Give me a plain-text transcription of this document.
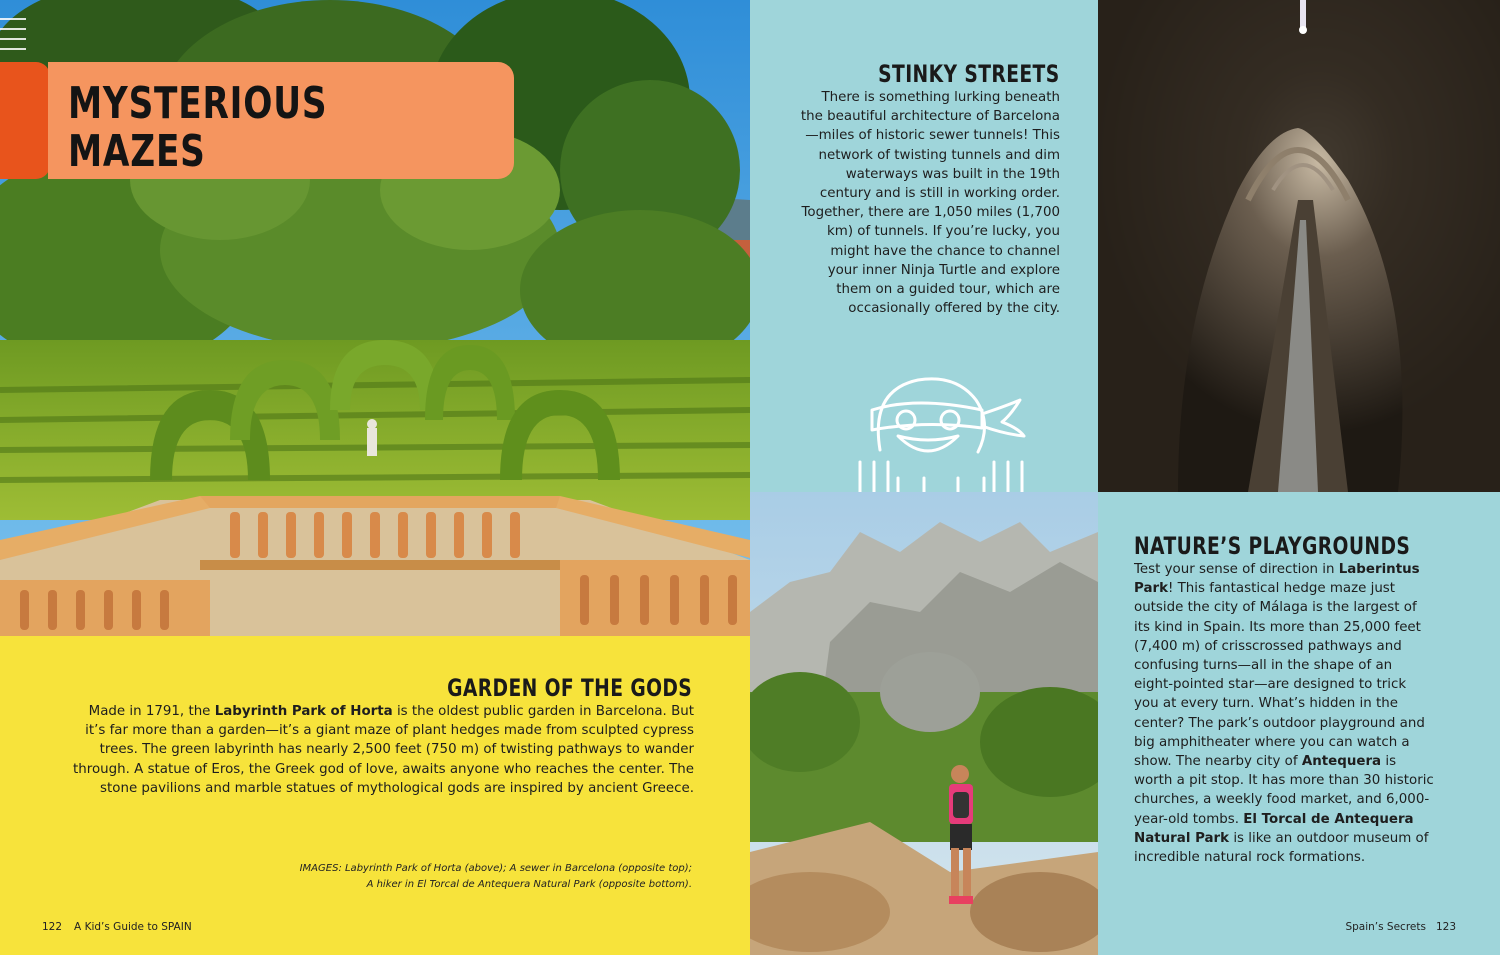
MYSTERIOUS MAZES
GARDEN OF THE GODS
Made in 1791, the Labyrinth Park of Horta is the oldest public garden in Barcelona. But it’s far more than a garden—it’s a giant maze of plant hedges made from sculpted cypress trees. The green labyrinth has nearly 2,500 feet (750 m) of twisting pathways to wander through. A statue of Eros, the Greek god of love, awaits anyone who reaches the center. The stone pavilions and marble statues of mythological gods are inspired by ancient Greece.
IMAGES: Labyrinth Park of Horta (above); A sewer in Barcelona (opposite top);
A hiker in El Torcal de Antequera Natural Park (opposite bottom).
122 A Kid’s Guide to SPAIN
STINKY STREETS
There is something lurking beneath the beautiful architecture of Barcelona—miles of historic sewer tunnels! This network of twisting tunnels and dim waterways was built in the 19th century and is still in working order. Together, there are 1,050 miles (1,700 km) of tunnels. If you’re lucky, you might have the chance to channel your inner Ninja Turtle and explore them on a guided tour, which are occasionally offered by the city.
NATURE’S PLAYGROUNDS
Test your sense of direction in Laberintus Park! This fantastical hedge maze just outside the city of Málaga is the largest of its kind in Spain. Its more than 25,000 feet (7,400 m) of crisscrossed pathways and confusing turns—all in the shape of an eight-pointed star—are designed to trick you at every turn. What’s hidden in the center? The park’s outdoor playground and big amphitheater where you can watch a show. The nearby city of Antequera is worth a pit stop. It has more than 30 historic churches, a weekly food market, and 6,000-year-old tombs. El Torcal de Antequera Natural Park is like an outdoor museum of incredible natural rock formations.
Spain’s Secrets 123
